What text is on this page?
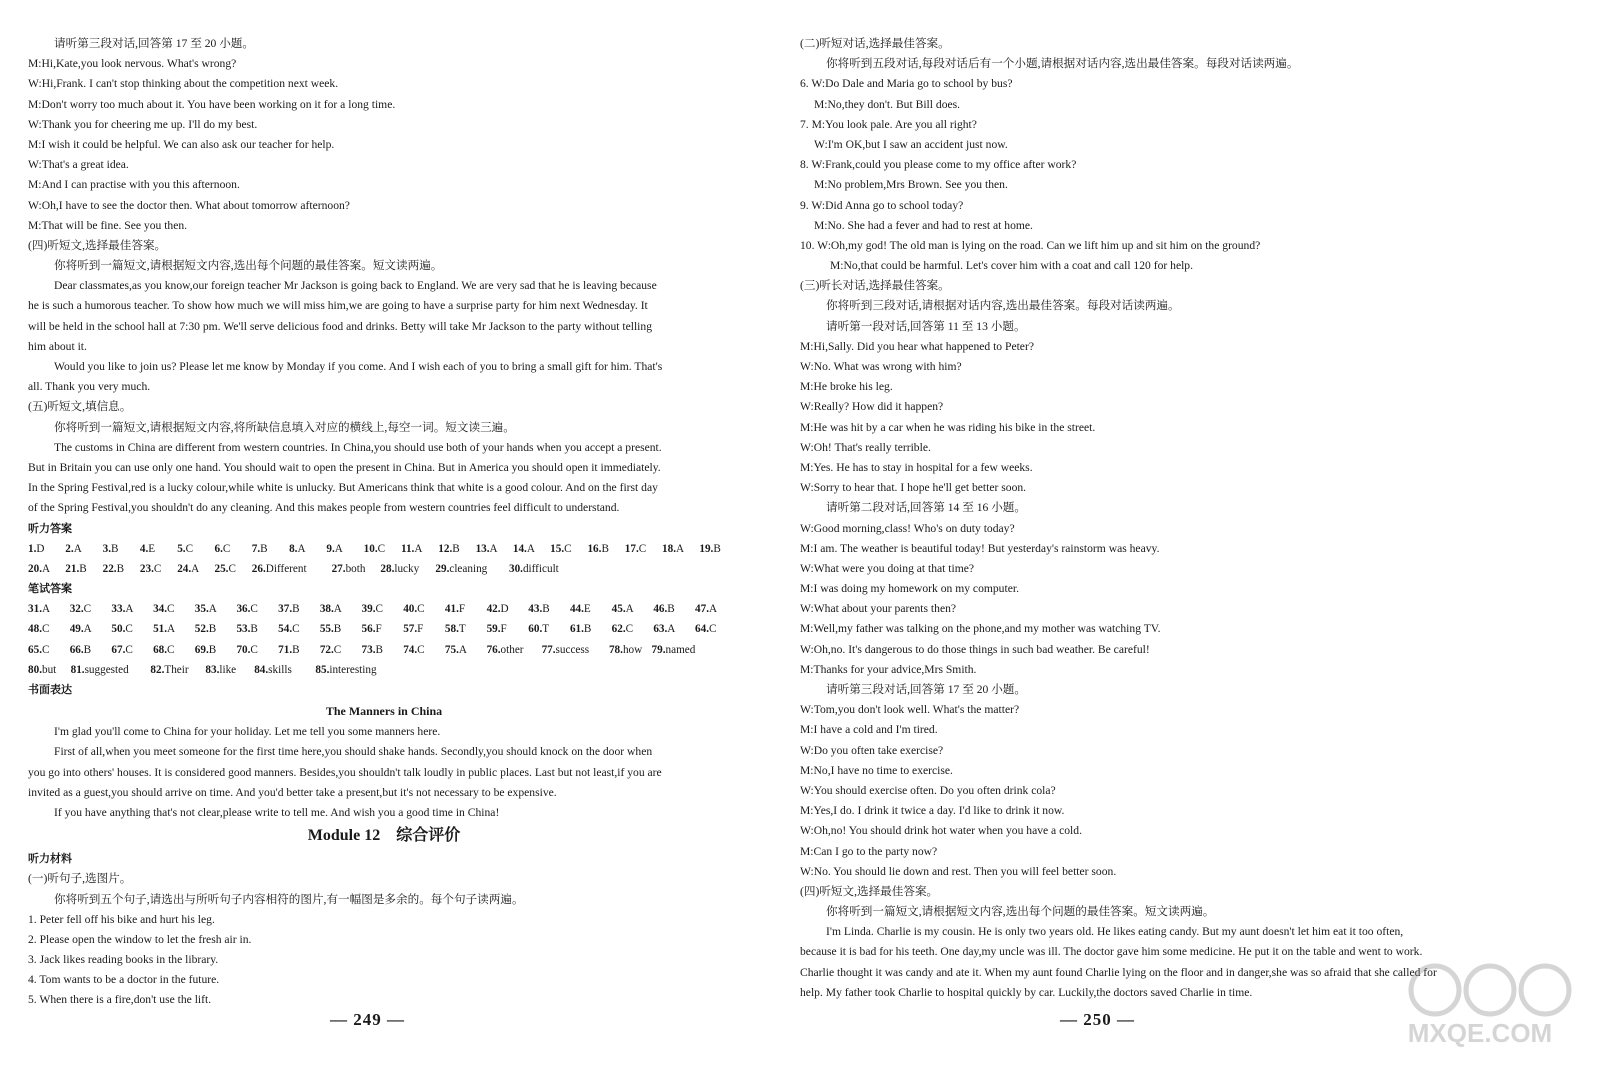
请听第三段对话,回答第 17 至 20 小题。
M:Hi,Kate,you look nervous. What's wrong?
W:Hi,Frank. I can't stop thinking about the competition next week.
M:Don't worry too much about it. You have been working on it for a long time.
W:Thank you for cheering me up. I'll do my best.
M:I wish it could be helpful. We can also ask our teacher for help.
W:That's a great idea.
M:And I can practise with you this afternoon.
W:Oh,I have to see the doctor then. What about tomorrow afternoon?
M:That will be fine. See you then.
(四)听短文,选择最佳答案。
你将听到一篇短文,请根据短文内容,选出每个问题的最佳答案。短文读两遍。
Dear classmates,as you know,our foreign teacher Mr Jackson is going back to England. We are very sad that he is leaving because
he is such a humorous teacher. To show how much we will miss him,we are going to have a surprise party for him next Wednesday. It
will be held in the school hall at 7:30 pm. We'll serve delicious food and drinks. Betty will take Mr Jackson to the party without telling
him about it.
Would you like to join us? Please let me know by Monday if you come. And I wish each of you to bring a small gift for him. That's
all. Thank you very much.
(五)听短文,填信息。
你将听到一篇短文,请根据短文内容,将所缺信息填入对应的横线上,每空一词。短文读三遍。
The customs in China are different from western countries. In China,you should use both of your hands when you accept a present.
But in Britain you can use only one hand. You should wait to open the present in China. But in America you should open it immediately.
In the Spring Festival,red is a lucky colour,while white is unlucky. But Americans think that white is a good colour. And on the first day
of the Spring Festival,you shouldn't do any cleaning. And this makes people from western countries feel difficult to understand.
听力答案
1.D	2.A	3.B	4.E	5.C	6.C	7.B	8.A	9.A	10.C	11.A	12.B	13.A	14.A	15.C	16.B	17.C	18.A	19.B
20.A	21.B	22.B	23.C	24.A	25.C	26.Different	27.both	28.lucky	29.cleaning	30.difficult
笔试答案
31.A	32.C	33.A	34.C	35.A	36.C	37.B	38.A	39.C	40.C	41.F	42.D	43.B	44.E	45.A	46.B	47.A
48.C	49.A	50.C	51.A	52.B	53.B	54.C	55.B	56.F	57.F	58.T	59.F	60.T	61.B	62.C	63.A	64.C
65.C	66.B	67.C	68.C	69.B	70.C	71.B	72.C	73.B	74.C	75.A	76.other	77.success	78.how 79.named
80.but	81.suggested	82.Their	83.like	84.skills	85.interesting
书面表达
The Manners in China
I'm glad you'll come to China for your holiday. Let me tell you some manners here.
First of all,when you meet someone for the first time here,you should shake hands. Secondly,you should knock on the door when
you go into others' houses. It is considered good manners. Besides,you shouldn't talk loudly in public places. Last but not least,if you are
invited as a guest,you should arrive on time. And you'd better take a present,but it's not necessary to be expensive.
If you have anything that's not clear,please write to tell me. And wish you a good time in China!
Module 12　综合评价
听力材料
(一)听句子,选图片。
你将听到五个句子,请选出与所听句子内容相符的图片,有一幅图是多余的。每个句子读两遍。
1. Peter fell off his bike and hurt his leg.
2. Please open the window to let the fresh air in.
3. Jack likes reading books in the library.
4. Tom wants to be a doctor in the future.
5. When there is a fire,don't use the lift.
(二)听短对话,选择最佳答案。
你将听到五段对话,每段对话后有一个小题,请根据对话内容,选出最佳答案。每段对话读两遍。
6. W:Do Dale and Maria go to school by bus?
M:No,they don't. But Bill does.
7. M:You look pale. Are you all right?
W:I'm OK,but I saw an accident just now.
8. W:Frank,could you please come to my office after work?
M:No problem,Mrs Brown. See you then.
9. W:Did Anna go to school today?
M:No. She had a fever and had to rest at home.
10. W:Oh,my god! The old man is lying on the road. Can we lift him up and sit him on the ground?
M:No,that could be harmful. Let's cover him with a coat and call 120 for help.
(三)听长对话,选择最佳答案。
你将听到三段对话,请根据对话内容,选出最佳答案。每段对话读两遍。
请听第一段对话,回答第 11 至 13 小题。
M:Hi,Sally. Did you hear what happened to Peter?
W:No. What was wrong with him?
M:He broke his leg.
W:Really? How did it happen?
M:He was hit by a car when he was riding his bike in the street.
W:Oh! That's really terrible.
M:Yes. He has to stay in hospital for a few weeks.
W:Sorry to hear that. I hope he'll get better soon.
请听第二段对话,回答第 14 至 16 小题。
W:Good morning,class! Who's on duty today?
M:I am. The weather is beautiful today! But yesterday's rainstorm was heavy.
W:What were you doing at that time?
M:I was doing my homework on my computer.
W:What about your parents then?
M:Well,my father was talking on the phone,and my mother was watching TV.
W:Oh,no. It's dangerous to do those things in such bad weather. Be careful!
M:Thanks for your advice,Mrs Smith.
请听第三段对话,回答第 17 至 20 小题。
W:Tom,you don't look well. What's the matter?
M:I have a cold and I'm tired.
W:Do you often take exercise?
M:No,I have no time to exercise.
W:You should exercise often. Do you often drink cola?
M:Yes,I do. I drink it twice a day. I'd like to drink it now.
W:Oh,no! You should drink hot water when you have a cold.
M:Can I go to the party now?
W:No. You should lie down and rest. Then you will feel better soon.
(四)听短文,选择最佳答案。
你将听到一篇短文,请根据短文内容,选出每个问题的最佳答案。短文读两遍。
I'm Linda. Charlie is my cousin. He is only two years old. He likes eating candy. But my aunt doesn't let him eat it too often,
because it is bad for his teeth. One day,my uncle was ill. The doctor gave him some medicine. He put it on the table and went to work.
Charlie thought it was candy and ate it. When my aunt found Charlie lying on the floor and in danger,she was so afraid that she called for
help. My father took Charlie to hospital quickly by car. Luckily,the doctors saved Charlie in time.
— 249 —	— 250 —	MXQE.COM
